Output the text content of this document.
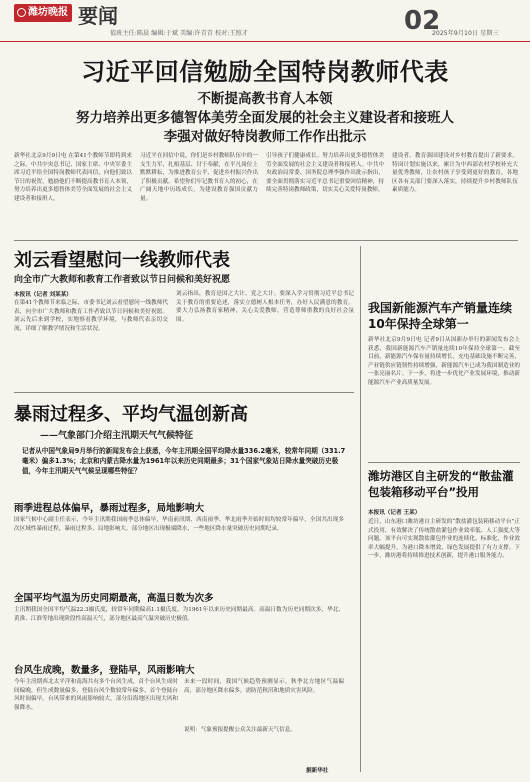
潍坊晚报 要闻
值班主任:陈晨 编辑:于斌 美编:许青青 校对:王照才	02
2025年9月10日 星期三
习近平回信勉励全国特岗教师代表
不断提高教书育人本领
努力培养出更多德智体美劳全面发展的社会主义建设者和接班人
李强对做好特岗教师工作作出批示
新华社北京9月9日电 在第41个教师节即将到来之际，中共中央总书记、国家主席、中央军委主席习近平给全国特岗教师代表回信，向他们致以节日的祝贺，勉励他们不断提高教书育人本领，努力培养出更多德智体美劳全面发展的社会主义建设者和接班人。
习近平在回信中说，你们是乡村教师队伍中的一支生力军，扎根基层、甘于奉献，在平凡岗位上默默耕耘，为推进教育公平、促进乡村振兴作出了积极贡献。希望你们牢记教书育人的初心，在广阔天地中历练成长，为建设教育强国贡献力量。
引导孩子们健康成长。努力培养出更多德智体美劳全面发展的社会主义建设者和接班人。中共中央政治局常委、国务院总理李强作出批示指出，要全面贯彻落实习近平总书记重要回信精神，持续完善特岗教师政策，切实关心关爱特岗教师。
建设者。教育强国建设对乡村教育提出了新要求。特岗计划实施以来，累计为中西部农村学校补充大量优秀教师，让农村孩子享受到更好的教育。各地区各有关部门要深入落实，持续提升乡村教师队伍素质能力。
刘云看望慰问一线教师代表
向全市广大教师和教育工作者致以节日问候和美好祝愿
本报讯（记者 刘某某）
在第41个教师节来临之际，市委书记刘云看望慰问一线教师代表，向全市广大教师和教育工作者致以节日问候和美好祝愿。刘云先后来到学校，实地察看教学环境，与教师代表亲切交流，详细了解教学情况和生活状况。
刘云指出，教育是国之大计、党之大计。要深入学习贯彻习近平总书记关于教育的重要论述，落实立德树人根本任务，办好人民满意的教育。要大力弘扬教育家精神，关心关爱教师，营造尊师重教的良好社会氛围。
暴雨过程多、平均气温创新高
——气象部门介绍主汛期天气气候特征
记者从中国气象局9月举行的新闻发布会上获悉，今年主汛期全国平均降水量336.2毫米，较常年同期（331.7毫米）偏多1.3%；北京和内蒙古降水量为1961年以来历史同期最多；31个国家气象站日降水量突破历史极值，今年主汛期天气气候呈现哪些特征？
雨季进程总体偏早，暴雨过程多，局地影响大
国家气候中心副主任表示，今年主汛期我国雨季总体偏早，华南前汛期、西南雨季、华北雨季开始时间均较常年偏早，全国共出现多次区域性暴雨过程，暴雨过程多、局地影响大。部分地区出现极端降水，一些地区降水量突破历史同期纪录。
全国平均气温为历史同期最高，高温日数为次多
主汛期我国全国平均气温22.3摄氏度，较常年同期偏高1.1摄氏度，为1961年以来历史同期最高。高温日数为历史同期次多，华北、黄淮、江淮等地出现阶段性高温天气，部分地区最高气温突破历史极值。
台风生成晚，数量多，登陆早，风雨影响大
今年主汛期西北太平洋和南海共有多个台风生成，首个台风生成时间偏晚，但生成数量偏多，登陆台风个数较常年偏多，首个登陆台风时间偏早。台风带来的风雨影响较大，部分沿海地区出现大风和强降水。
未来一段时间，我国气候趋势预测显示，秋季北方地区气温偏高，部分地区降水偏多，需防范秋汛和地质灾害风险。
说明：气象预报提醒公众关注最新天气信息。
据新华社
我国新能源汽车产销量连续10年保持全球第一
新华社北京9月9日电 记者9日从国新办举行的新闻发布会上获悉，我国新能源汽车产销量连续10年保持全球第一。截至目前，新能源汽车保有量持续增长，充电基础设施不断完善，产业链供应链韧性持续增强，新能源汽车已成为我国制造业的一张亮丽名片。下一步，将进一步优化产业发展环境，推动新能源汽车产业高质量发展。
潍坊港区自主研发的“散盐灌包装箱移动平台”投用
本报讯（记者 王某）
近日，山东港口潍坊港自主研发的“散盐灌包装箱移动平台”正式投用，有效解决了传统散盐灌包作业效率低、人工强度大等问题。该平台可实现散盐灌包作业的连续化、标准化，作业效率大幅提升，为港口降本增效、绿色发展提供了有力支撑。下一步，潍坊港将持续推进技术创新，提升港口服务能力。
